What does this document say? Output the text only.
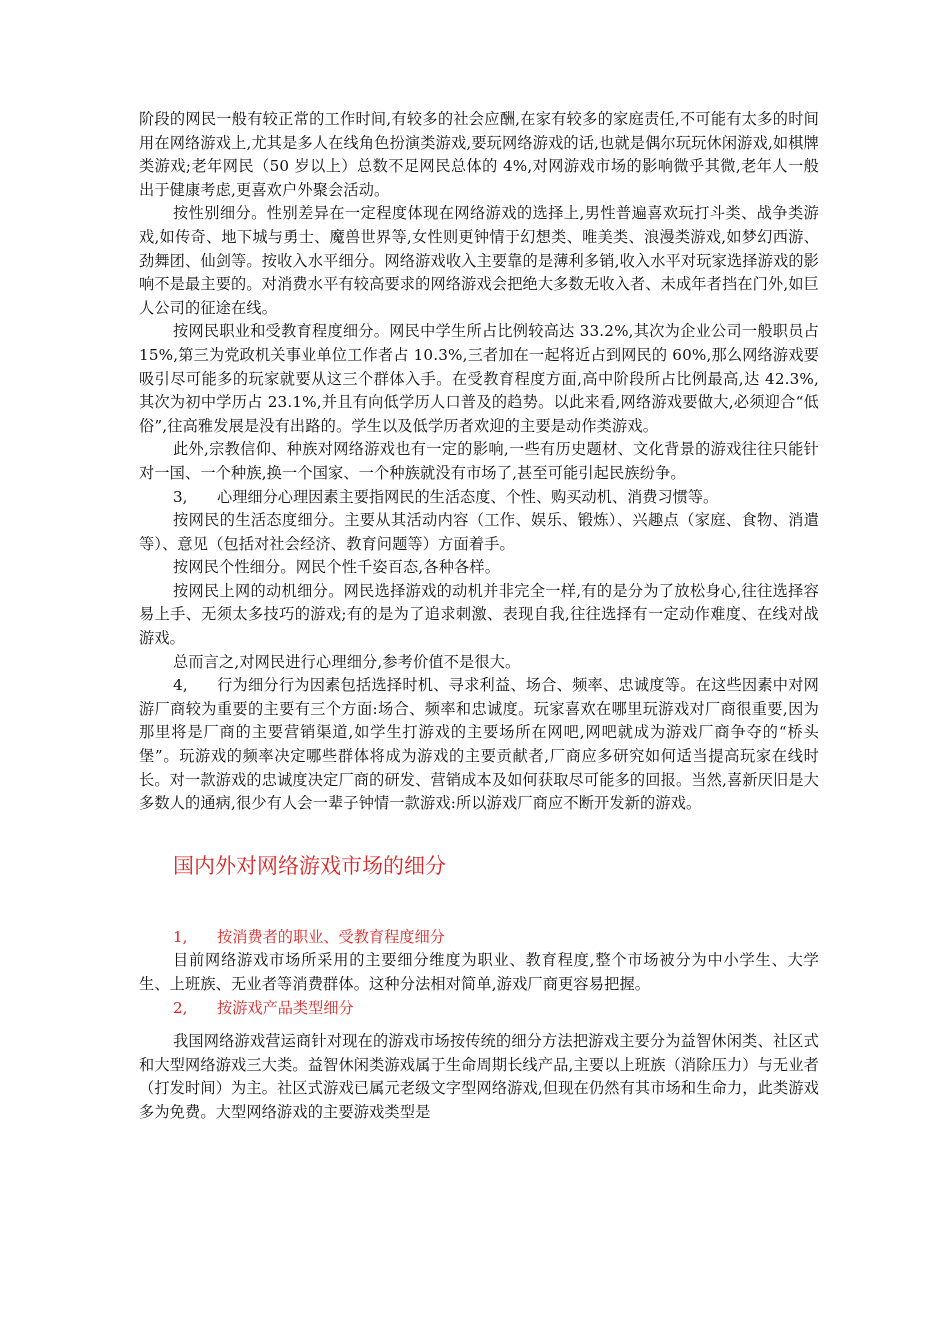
阶段的网民一般有较正常的工作时间,有较多的社会应酬,在家有较多的家庭责任,不可能有太多的时间用在网络游戏上,尤其是多人在线角色扮演类游戏,要玩网络游戏的话,也就是偶尔玩玩休闲游戏,如棋牌类游戏;老年网民（50 岁以上）总数不足网民总体的 4%,对网游戏市场的影响微乎其微,老年人一般出于健康考虑,更喜欢户外聚会活动。

按性别细分。性别差异在一定程度体现在网络游戏的选择上,男性普遍喜欢玩打斗类、战争类游戏,如传奇、地下城与勇士、魔兽世界等,女性则更钟情于幻想类、唯美类、浪漫类游戏,如梦幻西游、劲舞团、仙剑等。按收入水平细分。网络游戏收入主要靠的是薄利多销,收入水平对玩家选择游戏的影响不是最主要的。对消费水平有较高要求的网络游戏会把绝大多数无收入者、未成年者挡在门外,如巨人公司的征途在线。

按网民职业和受教育程度细分。网民中学生所占比例较高达 33.2%,其次为企业公司一般职员占 15%,第三为党政机关事业单位工作者占 10.3%,三者加在一起将近占到网民的 60%,那么网络游戏要吸引尽可能多的玩家就要从这三个群体入手。在受教育程度方面,高中阶段所占比例最高,达 42.3%,其次为初中学历占 23.1%,并且有向低学历人口普及的趋势。以此来看,网络游戏要做大,必须迎合“低俗”,往高雅发展是没有出路的。学生以及低学历者欢迎的主要是动作类游戏。

此外,宗教信仰、种族对网络游戏也有一定的影响,一些有历史题材、文化背景的游戏往往只能针对一国、一个种族,换一个国家、一个种族就没有市场了,甚至可能引起民族纷争。

3, 心理细分心理因素主要指网民的生活态度、个性、购买动机、消费习惯等。

按网民的生活态度细分。主要从其活动内容（工作、娱乐、锻炼）、兴趣点（家庭、食物、消遣等）、意见（包括对社会经济、教育问题等）方面着手。

按网民个性细分。网民个性千姿百态,各种各样。

按网民上网的动机细分。网民选择游戏的动机并非完全一样,有的是分为了放松身心,往往选择容易上手、无须太多技巧的游戏;有的是为了追求刺激、表现自我,往往选择有一定动作难度、在线对战游戏。

总而言之,对网民进行心理细分,参考价值不是很大。

4, 行为细分行为因素包括选择时机、寻求利益、场合、频率、忠诚度等。在这些因素中对网游厂商较为重要的主要有三个方面:场合、频率和忠诚度。玩家喜欢在哪里玩游戏对厂商很重要,因为那里将是厂商的主要营销渠道,如学生打游戏的主要场所在网吧,网吧就成为游戏厂商争夺的“桥头堡”。玩游戏的频率决定哪些群体将成为游戏的主要贡献者,厂商应多研究如何适当提高玩家在线时长。对一款游戏的忠诚度决定厂商的研发、营销成本及如何获取尽可能多的回报。当然,喜新厌旧是大多数人的通病,很少有人会一辈子钟情一款游戏:所以游戏厂商应不断开发新的游戏。

国内外对网络游戏市场的细分

1, 按消费者的职业、受教育程度细分

目前网络游戏市场所采用的主要细分维度为职业、教育程度,整个市场被分为中小学生、大学生、上班族、无业者等消费群体。这种分法相对简单,游戏厂商更容易把握。

2, 按游戏产品类型细分

我国网络游戏营运商针对现在的游戏市场按传统的细分方法把游戏主要分为益智休闲类、社区式和大型网络游戏三大类。益智休闲类游戏属于生命周期长线产品,主要以上班族（消除压力）与无业者（打发时间）为主。社区式游戏已属元老级文字型网络游戏,但现在仍然有其市场和生命力，此类游戏多为免费。大型网络游戏的主要游戏类型是
